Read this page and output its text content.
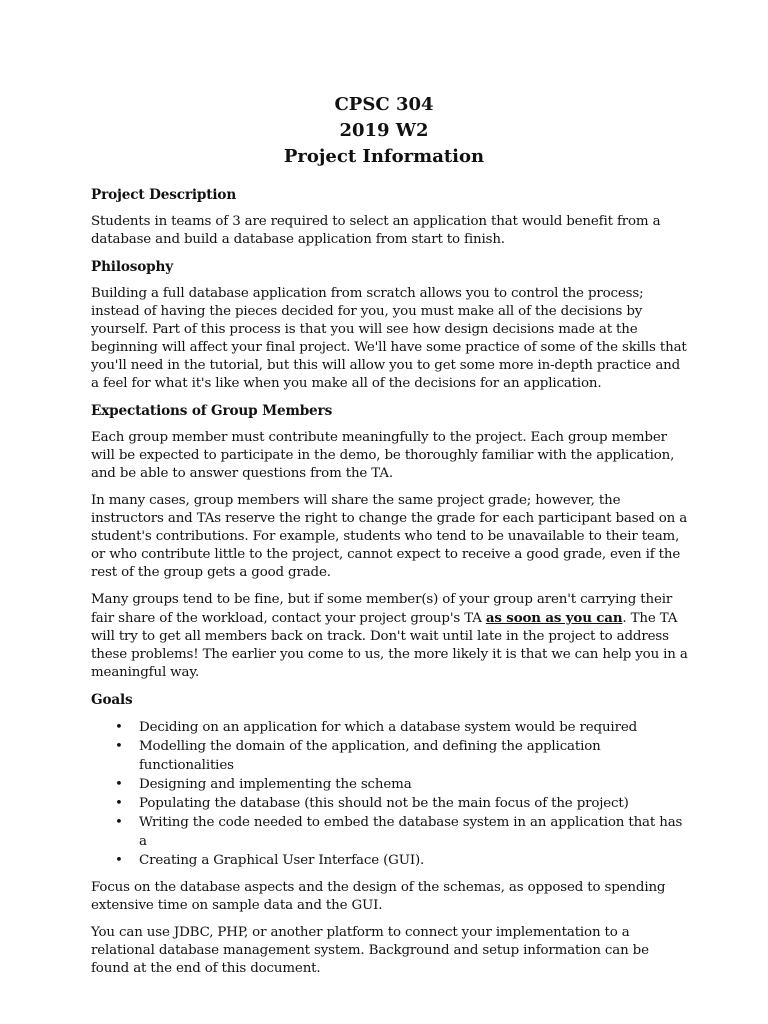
CPSC 304
2019 W2
Project Information
Project Description

Students in teams of 3 are required to select an application that would benefit from a database and build a database application from start to finish.

Philosophy

Building a full database application from scratch allows you to control the process; instead of having the pieces decided for you, you must make all of the decisions by yourself. Part of this process is that you will see how design decisions made at the beginning will affect your final project. We'll have some practice of some of the skills that you'll need in the tutorial, but this will allow you to get some more in-depth practice and a feel for what it's like when you make all of the decisions for an application.

Expectations of Group Members

Each group member must contribute meaningfully to the project. Each group member will be expected to participate in the demo, be thoroughly familiar with the application, and be able to answer questions from the TA.

In many cases, group members will share the same project grade; however, the instructors and TAs reserve the right to change the grade for each participant based on a student's contributions. For example, students who tend to be unavailable to their team, or who contribute little to the project, cannot expect to receive a good grade, even if the rest of the group gets a good grade.

Many groups tend to be fine, but if some member(s) of your group aren't carrying their fair share of the workload, contact your project group's TA as soon as you can. The TA will try to get all members back on track. Don't wait until late in the project to address these problems! The earlier you come to us, the more likely it is that we can help you in a meaningful way.

Goals
• Deciding on an application for which a database system would be required
• Modelling the domain of the application, and defining the application functionalities
• Designing and implementing the schema
• Populating the database (this should not be the main focus of the project)
• Writing the code needed to embed the database system in an application that has a
• Creating a Graphical User Interface (GUI).

Focus on the database aspects and the design of the schemas, as opposed to spending extensive time on sample data and the GUI.

You can use JDBC, PHP, or another platform to connect your implementation to a relational database management system. Background and setup information can be found at the end of this document.
